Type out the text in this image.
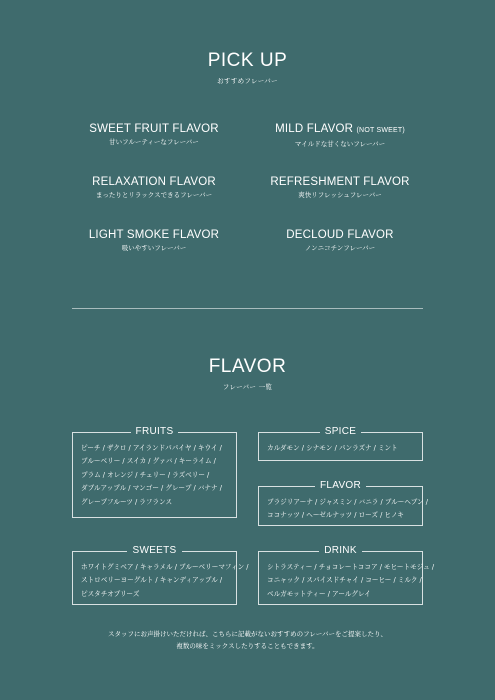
PICK UP
おすすめフレーバー
SWEET FRUIT FLAVOR
甘いフルーティーなフレーバー
MILD FLAVOR (NOT SWEET)
マイルドな甘くないフレーバー
RELAXATION FLAVOR
まったりとリラックスできるフレーバー
REFRESHMENT FLAVOR
爽快リフレッシュフレーバー
LIGHT SMOKE FLAVOR
吸いやすいフレーバー
DECLOUD FLAVOR
ノンニコチンフレーバー
FLAVOR
フレーバー 一覧
FRUITS
ピーチ / ザクロ / アイランドパパイヤ / キウイ /
ブルーベリー / スイカ / グァバ / キーライム /
プラム / オレンジ / チェリー / ラズベリー /
ダブルアップル / マンゴー / グレープ / バナナ /
グレープフルーツ / ラフランス
SPICE
カルダモン / シナモン / パンラズナ / ミント
FLAVOR
ブラジリアーナ / ジャスミン / バニラ / ブルーヘブン /
ココナッツ / ヘーゼルナッツ / ローズ / ヒノキ
SWEETS
ホワイトグミベア / キャラメル / ブルーベリーマフィン /
ストロベリーヨーグルト / キャンディアップル /
ピスタチオプリーズ
DRINK
シトラスティー / チョコレートココア / モヒートモジュ /
コニャック / スパイスドチャイ / コーヒー / ミルク /
ベルガモットティー / アールグレイ
スタッフにお声掛けいただければ、こちらに記載がないおすすめのフレーバーをご提案したり、
複数の味をミックスしたりすることもできます。
